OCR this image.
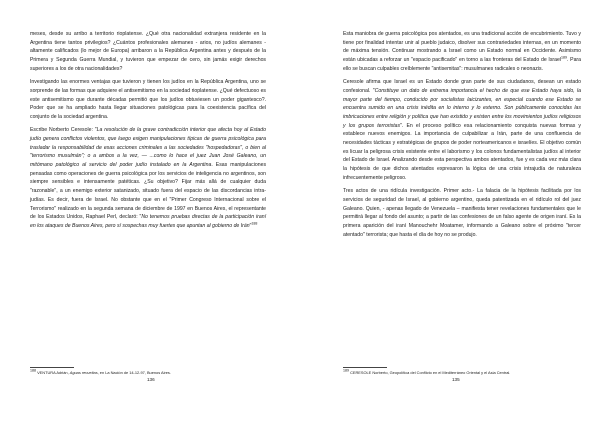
meses, desde su arribo a territorio rioplatense. ¿Qué otra nacionalidad extranjera residente en la Argentina tiene tantos privilegios? ¿Cuántos profesionales alemanes - arios, no judíos alemanes - altamente calificados (lo mejor de Europa) arribaron a la República Argentina antes y después de la Primera y Segunda Guerra Mundial, y tuvieron que empezar de cero, sin jamás exigir derechos superiores a los de otra nacionalidades?

Investigando las enormes ventajas que tuvieron y tienen los judíos en la República Argentina, uno se sorprende de las formas que adquiere el antisemitismo en la sociedad rioplatense. ¿Qué defectuoso es este antisemitismo que durante décadas permitió que los judíos obtuviesen un poder gigantesco?. Poder que se ha ampliado hasta llegar situaciones patológicas para la coexistencia pacífica del conjunto de la sociedad argentina.

Escribe Norberto Ceresole: "La resolución de la grave contradicción interior que afecta hoy al Estado judío genera conflictos violentos, que luego exigen manipulaciones típicas de guerra psicológica para trasladar la responsabilidad de esas acciones criminales a las sociedades "hospedadoras", o bien al "terrorismo musulmán"; o a ambos a la vez, — ...como lo hace el juez Juan José Galeano, un mitómano patológico al servicio del poder judío instalado en la Argentina. Esas manipulaciones pensadas como operaciones de guerra psicológica por los servicios de inteligencia no argentinos, son siempre sensibles e intensamente patéticas. ¿Su objetivo? Fijar más allá de cualquier duda "razonable", a un enemigo exterior satanizado, situado fuera del espacio de las discordancias intra-judías. Es decir, fuera de Israel. No obstante que en el "Primer Congreso Internacional sobre el Terrorismo" realizado en la segunda semana de diciembre de 1997 en Buenos Aires, el representante de los Estados Unidos, Raphael Perl, declaró: "No tenemos pruebas directas de la participación iraní en los ataques de Buenos Aires, pero sí sospechas muy fuertes que apuntan al gobierno de Irán"$^{188}$

188 VENTURA Adrián, Aguas revueltas, en La Nación de 14-12-97, Buenos Aires.
136

Esta maniobra de guerra psicológica pos atentados, es una tradicional acción de encubrimiento. Tuvo y tiene por finalidad intentar unir al pueblo judaico, disolver sus contrariedades internas, en un momento de máxima tensión. Continuar mostrando a Israel como un Estado normal en Occidente. Asimismo están ubicadas a reforzar un "espacio pacificado" en torno a las fronteras del Estado de Israel$^{189}$. Para ello se buscan culpables creíblemente "antisemitas": musulmanes radicales o neonazis.

Ceresole afirma que Israel es un Estado donde gran parte de sus ciudadanos, desean un estado confesional. "Constituye un dato de extrema importancia el hecho de que ese Estado haya sido, la mayor parte del tiempo, conducido por socialistas laicizantes, en especial cuando ese Estado se encuentra sumido en una crisis inédita en lo interno y lo externo. Son públicamente conocidas las imbricaciones entre religión y política que han existido y existen entre los movimientos judíos religiosos y los grupos terroristas". En el proceso político esa relacionamiento conquista nuevas formas y establece nuevos enemigos. La importancia de culpabilizar a Irán, parte de una confluencia de necesidades tácticas y estratégicas de grupos de poder norteamericanos e israelíes. El objetivo común es licuar la peligrosa crisis existente entre el laborismo y los colonos fundamentalistas judíos al interior del Estado de Israel. Analizando desde esta perspectiva ambos atentados, fue y es cada vez más clara la hipótesis de que dichos atentados expresaron la lógica de una crisis intrajudía de naturaleza infrecuentemente peligroso.

Tres actos de una ridícula investigación. Primer acto.- La falacia de la hipótesis facilitada por los servicios de seguridad de Israel, al gobierno argentino, queda patentizada en el ridículo rol del juez Galeano. Quien, - apenas llegado de Venezuela – manifiesta tener revelaciones fundamentales que le permitirá llegar al fondo del asunto; a partir de las confesiones de un falso agente de origen iraní. Es la primera aparición del iraní Manouchehr Moatamer, informando a Galeano sobre el próximo "tercer atentado" terrorista; que hasta el día de hoy no se produjo.

189 CERESOLE Norberto, Geopolítica del Conflicto en el Mediterráneo Oriental y el Asia Central.
135
